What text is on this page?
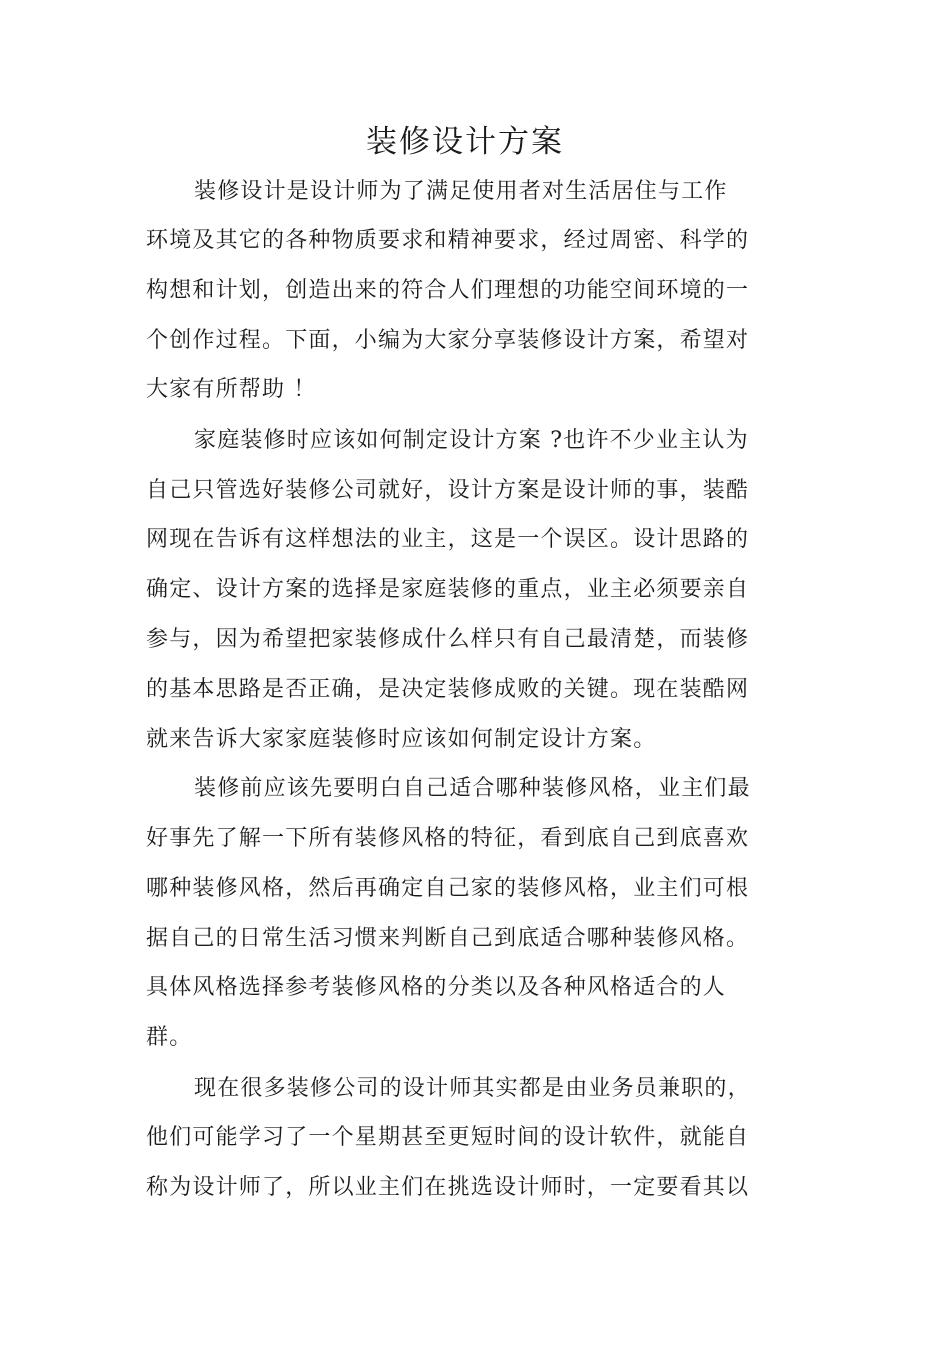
装修设计方案
装修设计是设计师为了满足使用者对生活居住与工作
环境及其它的各种物质要求和精神要求，经过周密、科学的
构想和计划，创造出来的符合人们理想的功能空间环境的一
个创作过程。下面，小编为大家分享装修设计方案，希望对
大家有所帮助 ！
家庭装修时应该如何制定设计方案 ?也许不少业主认为
自己只管选好装修公司就好，设计方案是设计师的事，装酷
网现在告诉有这样想法的业主，这是一个误区。设计思路的
确定、设计方案的选择是家庭装修的重点，业主必须要亲自
参与，因为希望把家装修成什么样只有自己最清楚，而装修
的基本思路是否正确，是决定装修成败的关键。现在装酷网
就来告诉大家家庭装修时应该如何制定设计方案。
装修前应该先要明白自己适合哪种装修风格，业主们最
好事先了解一下所有装修风格的特征，看到底自己到底喜欢
哪种装修风格，然后再确定自己家的装修风格，业主们可根
据自己的日常生活习惯来判断自己到底适合哪种装修风格。
具体风格选择参考装修风格的分类以及各种风格适合的人
群。
现在很多装修公司的设计师其实都是由业务员兼职的，
他们可能学习了一个星期甚至更短时间的设计软件，就能自
称为设计师了，所以业主们在挑选设计师时，一定要看其以
